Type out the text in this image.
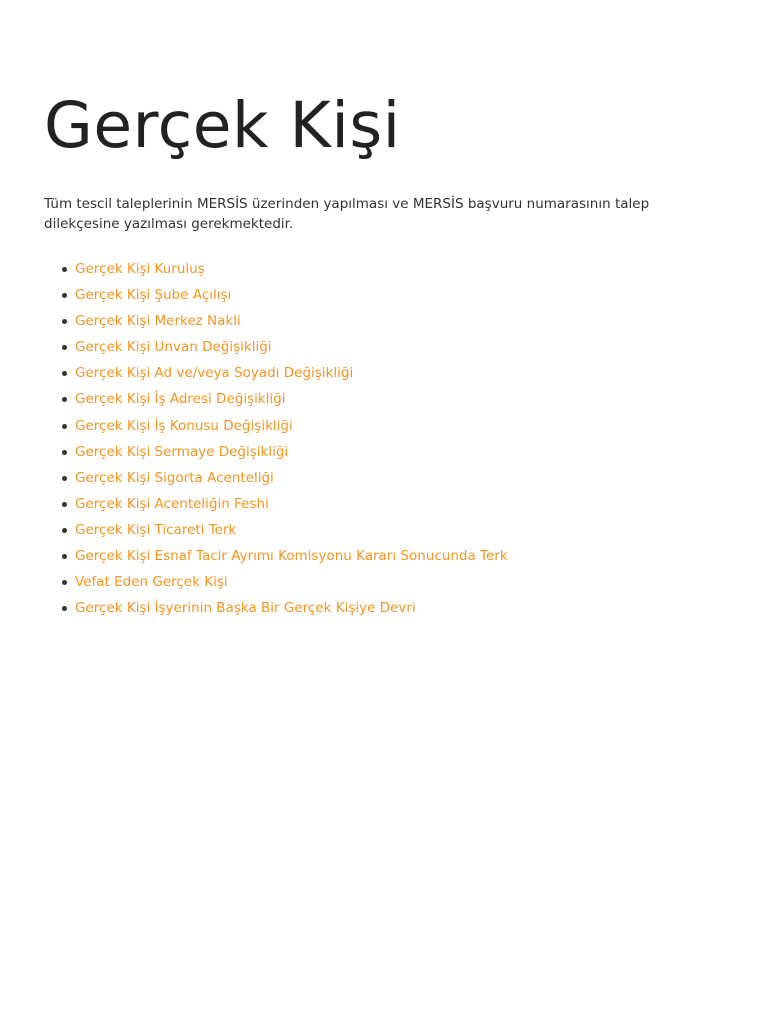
Gerçek Kişi

Tüm tescil taleplerinin MERSİS üzerinden yapılması ve MERSİS başvuru numarasının talep dilekçesine yazılması gerekmektedir.

Gerçek Kişi Kuruluş
Gerçek Kişi Şube Açılışı
Gerçek Kişi Merkez Nakli
Gerçek Kişi Unvan Değişikliği
Gerçek Kişi Ad ve/veya Soyadı Değişikliği
Gerçek Kişi İş Adresi Değişikliği
Gerçek Kişi İş Konusu Değişikliği
Gerçek Kişi Sermaye Değişikliği
Gerçek Kişi Sigorta Acenteliği
Gerçek Kişi Acenteliğin Feshi
Gerçek Kişi Ticareti Terk
Gerçek Kişi Esnaf Tacir Ayrımı Komisyonu Kararı Sonucunda Terk
Vefat Eden Gerçek Kişi
Gerçek Kişi İşyerinin Başka Bir Gerçek Kişiye Devri
